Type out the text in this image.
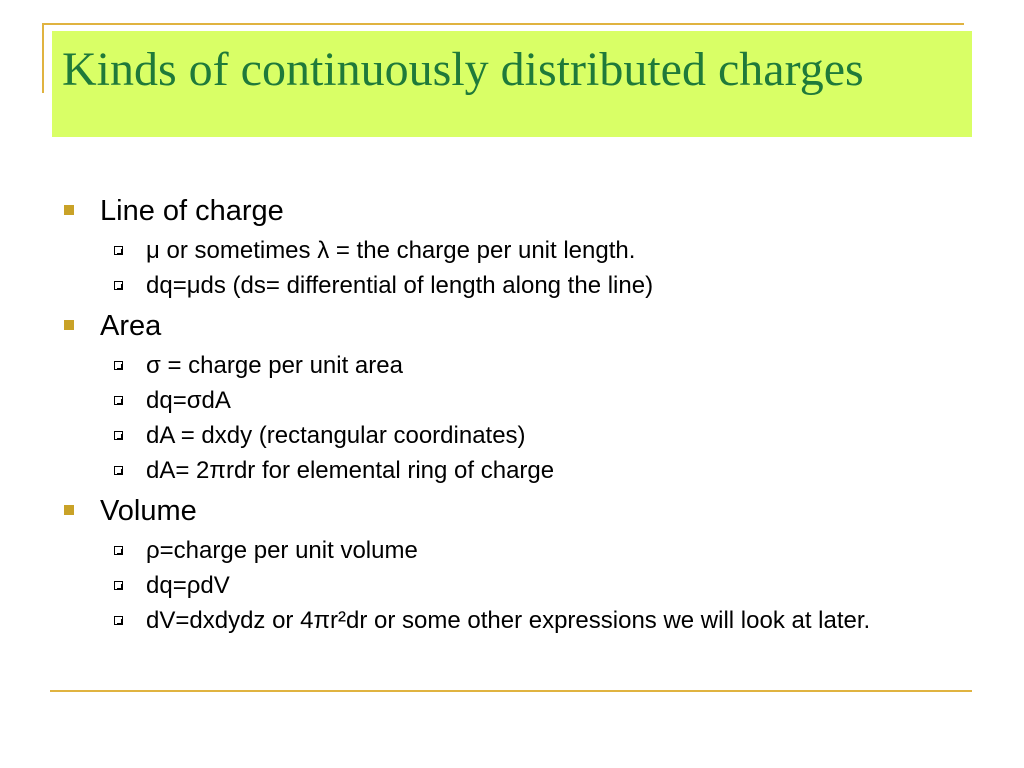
Kinds of continuously distributed charges
Line of charge
μ or sometimes λ = the charge per unit length.
dq=μds (ds= differential of length along the line)
Area
σ = charge per unit area
dq=σdA
dA = dxdy (rectangular coordinates)
dA= 2πrdr for elemental ring of charge
Volume
ρ=charge per unit volume
dq=ρdV
dV=dxdydz or 4πr²dr or some other expressions we will look at later.
